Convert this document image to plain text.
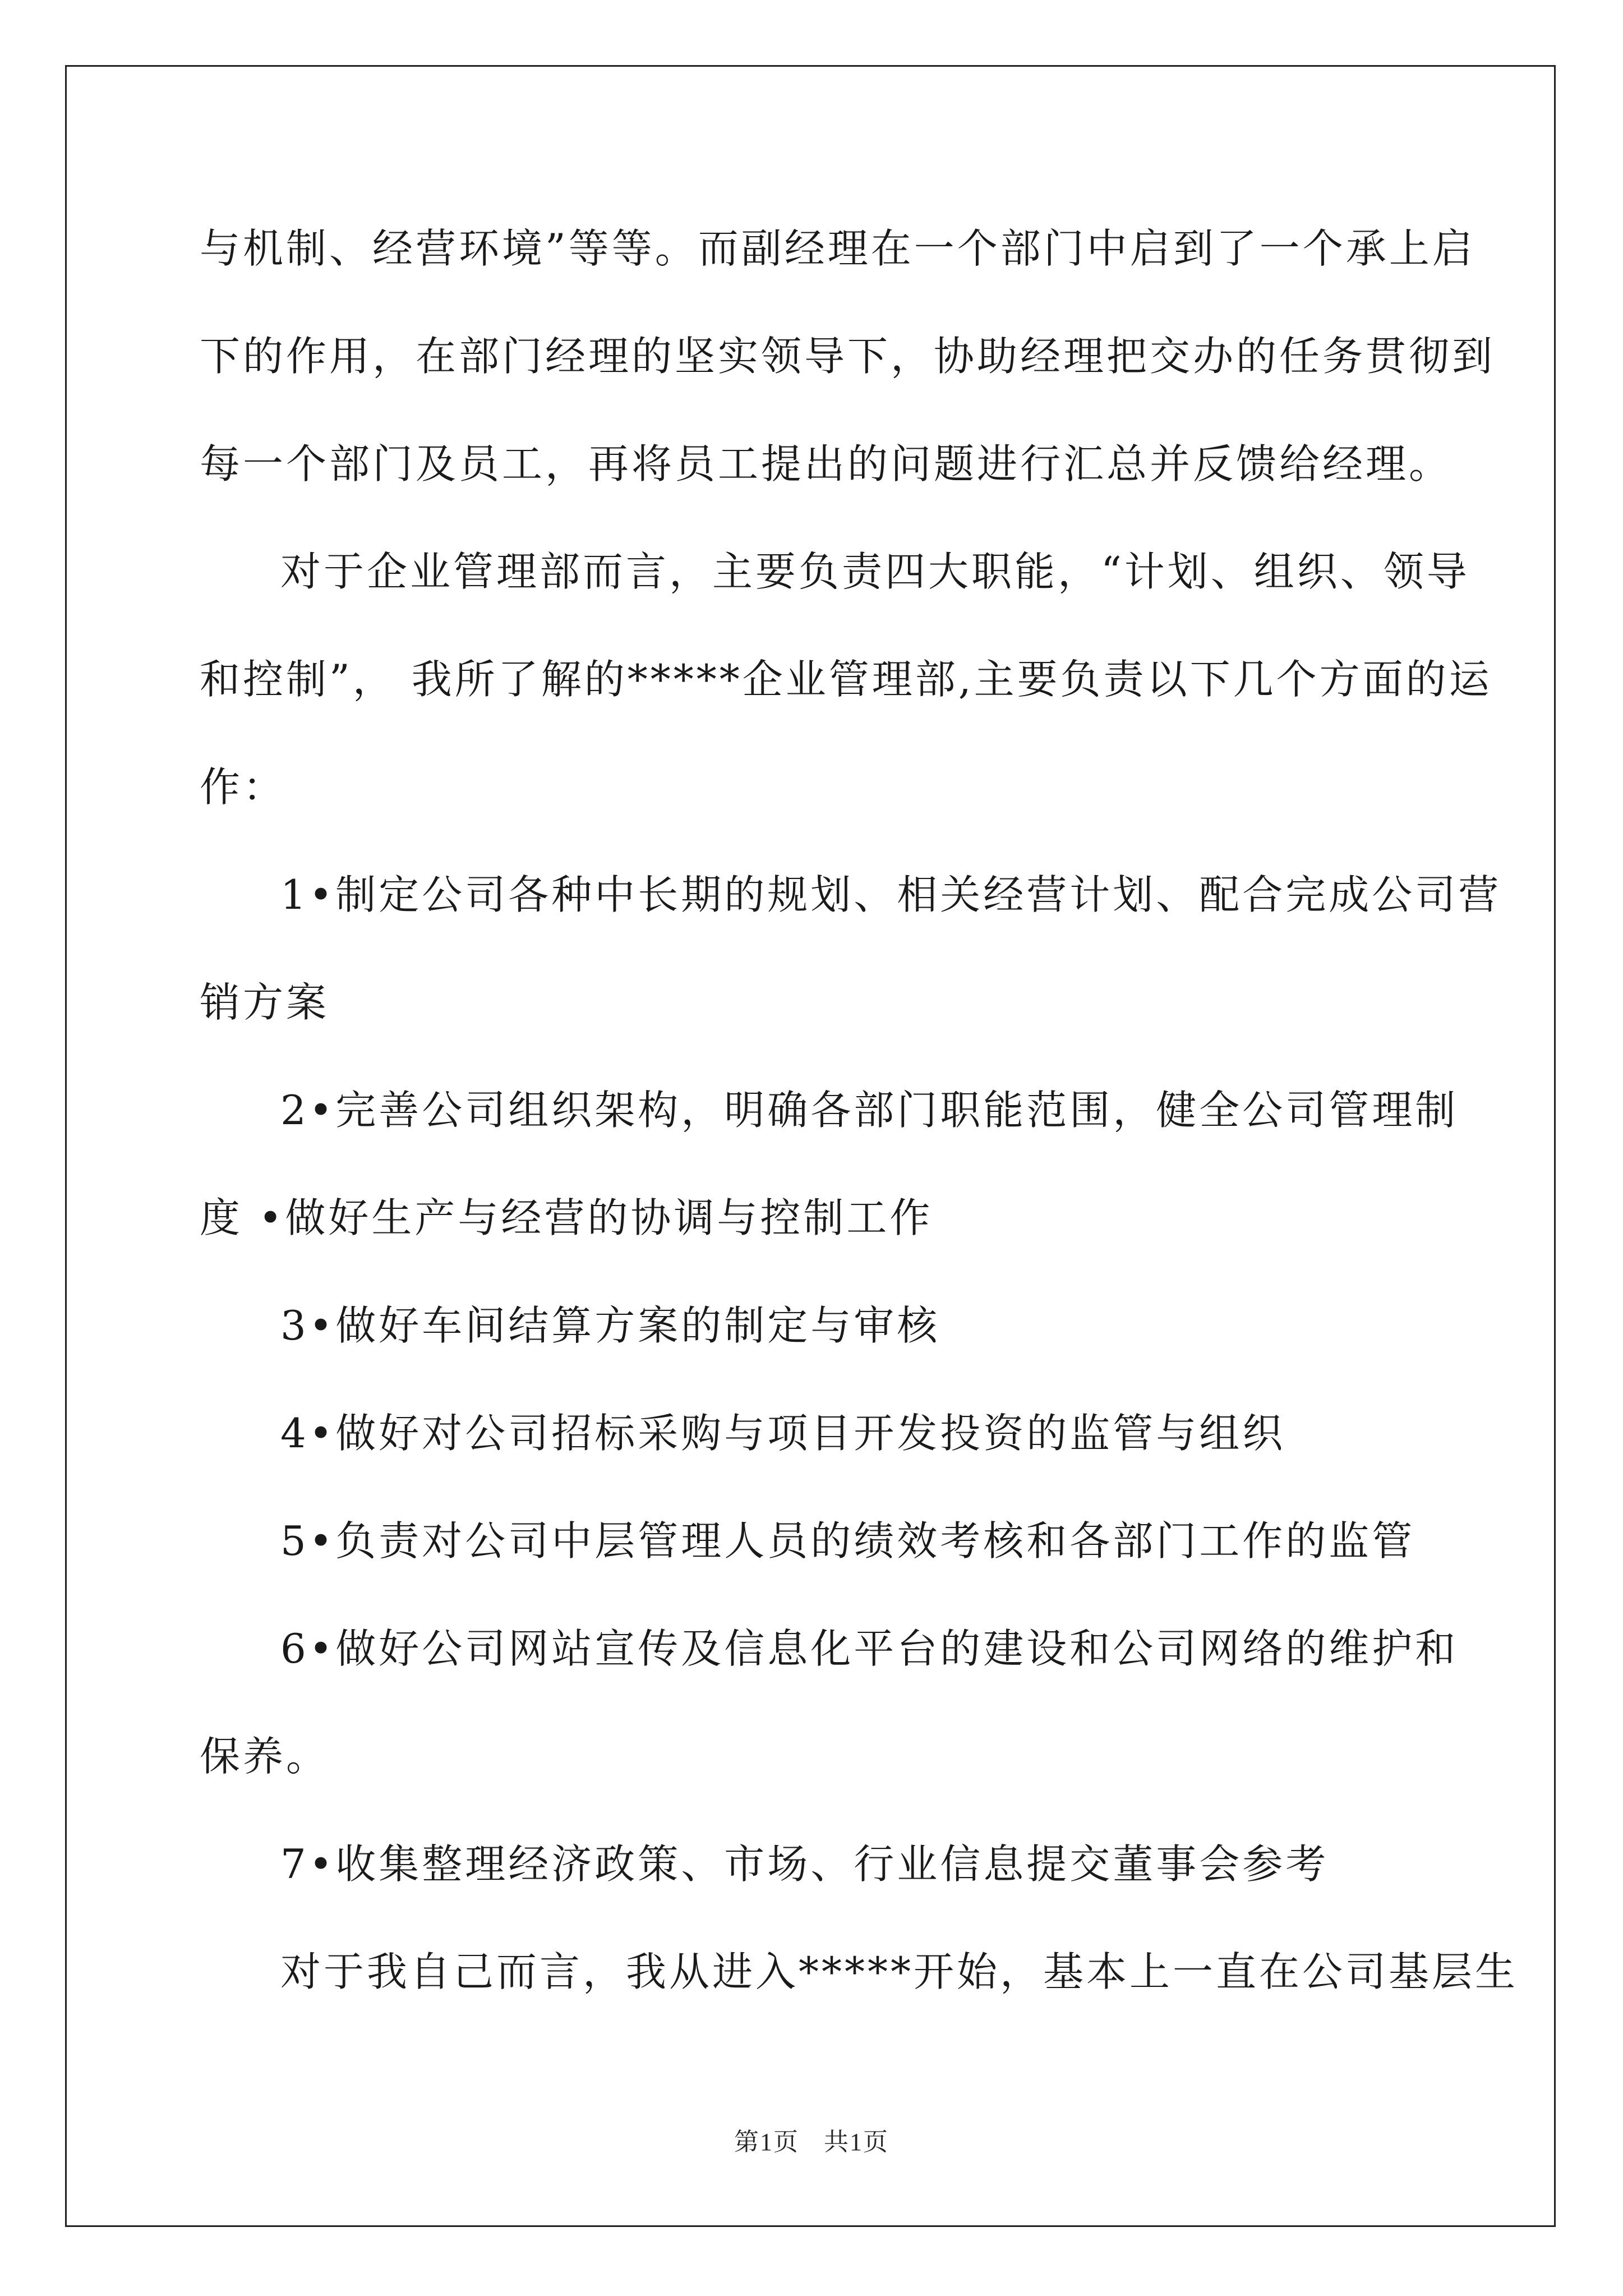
与机制、经营环境”等等。而副经理在一个部门中启到了一个承上启
下的作用，在部门经理的坚实领导下，协助经理把交办的任务贯彻到
每一个部门及员工，再将员工提出的问题进行汇总并反馈给经理。
对于企业管理部而言，主要负责四大职能，“计划、组织、领导
和控制”， 我所了解的*****企业管理部,主要负责以下几个方面的运
作：
1•制定公司各种中长期的规划、相关经营计划、配合完成公司营
销方案
2•完善公司组织架构，明确各部门职能范围，健全公司管理制
度 •做好生产与经营的协调与控制工作
3•做好车间结算方案的制定与审核
4•做好对公司招标采购与项目开发投资的监管与组织
5•负责对公司中层管理人员的绩效考核和各部门工作的监管
6•做好公司网站宣传及信息化平台的建设和公司网络的维护和
保养。
7•收集整理经济政策、市场、行业信息提交董事会参考
对于我自己而言，我从进入*****开始，基本上一直在公司基层生
第1页 共1页
